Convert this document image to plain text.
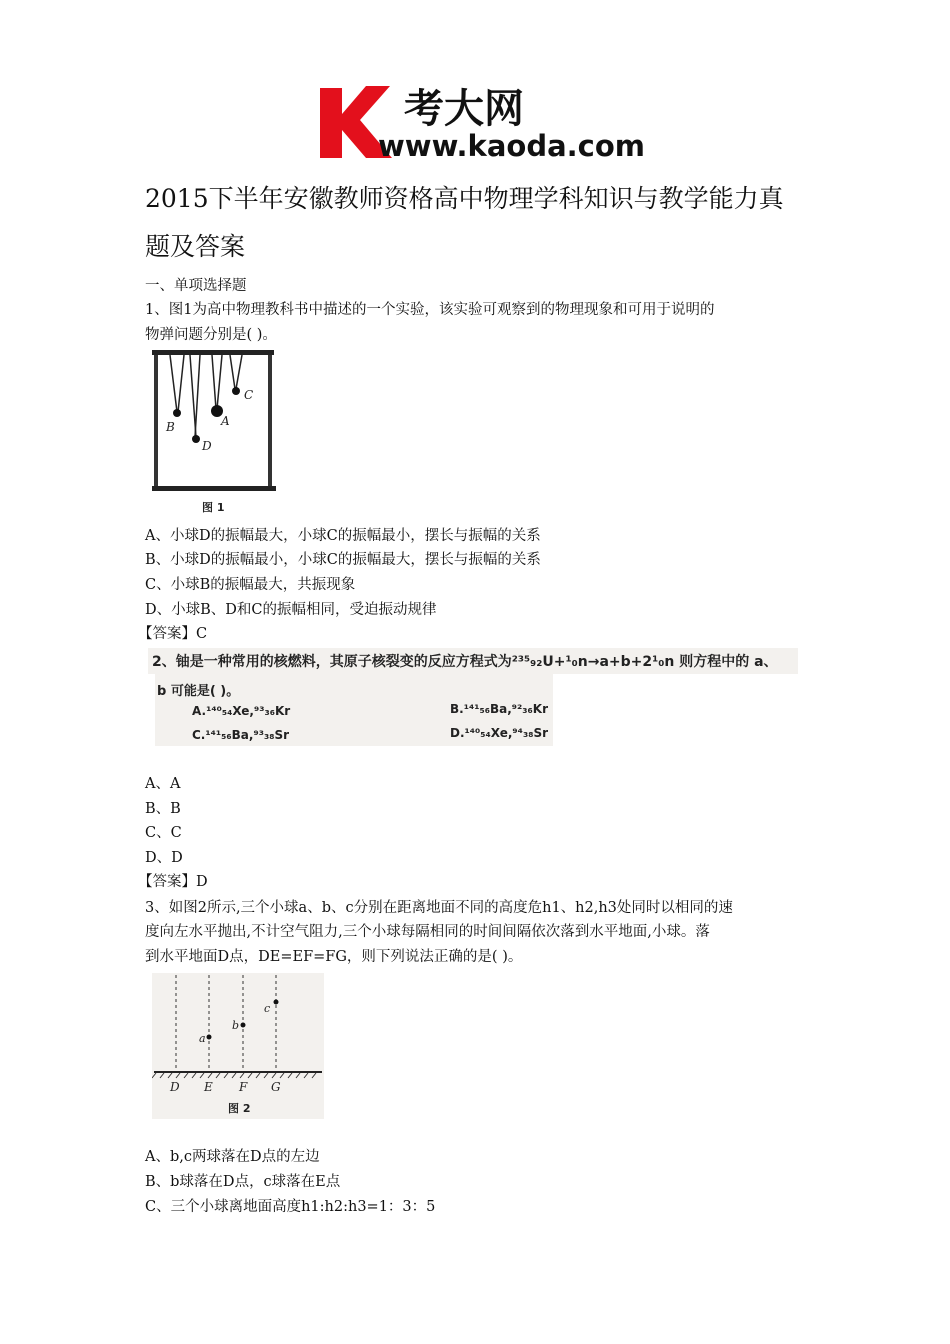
考大网
www.kaoda.com
2015下半年安徽教师资格高中物理学科知识与教学能力真
题及答案
一、单项选择题
1、图1为高中物理教科书中描述的一个实验，该实验可观察到的物理现象和可用于说明的
物弹问题分别是( )。
C
A
B
D
图 1
A、小球D的振幅最大，小球C的振幅最小，摆长与振幅的关系
B、小球D的振幅最小，小球C的振幅最大，摆长与振幅的关系
C、小球B的振幅最大，共振现象
D、小球B、D和C的振幅相同，受迫振动规律
【答案】C
2、铀是一种常用的核燃料，其原子核裂变的反应方程式为²³⁵₉₂U+¹₀n→a+b+2¹₀n 则方程中的 a、
b 可能是( )。
A.¹⁴⁰₅₄Xe,⁹³₃₆Kr	B.¹⁴¹₅₆Ba,⁹²₃₆Kr
C.¹⁴¹₅₆Ba,⁹³₃₈Sr	D.¹⁴⁰₅₄Xe,⁹⁴₃₈Sr
A、A
B、B
C、C
D、D
【答案】D
3、如图2所示,三个小球a、b、c分别在距离地面不同的高度危h1、h2,h3处同时以相同的速
度向左水平抛出,不计空气阻力,三个小球每隔相同的时间间隔依次落到水平地面,小球。落
到水平地面D点，DE=EF=FG，则下列说法正确的是( )。
a
b
c
D E F G
图 2
A、b,c两球落在D点的左边
B、b球落在D点，c球落在E点
C、三个小球离地面高度h1:h2:h3=1：3：5
